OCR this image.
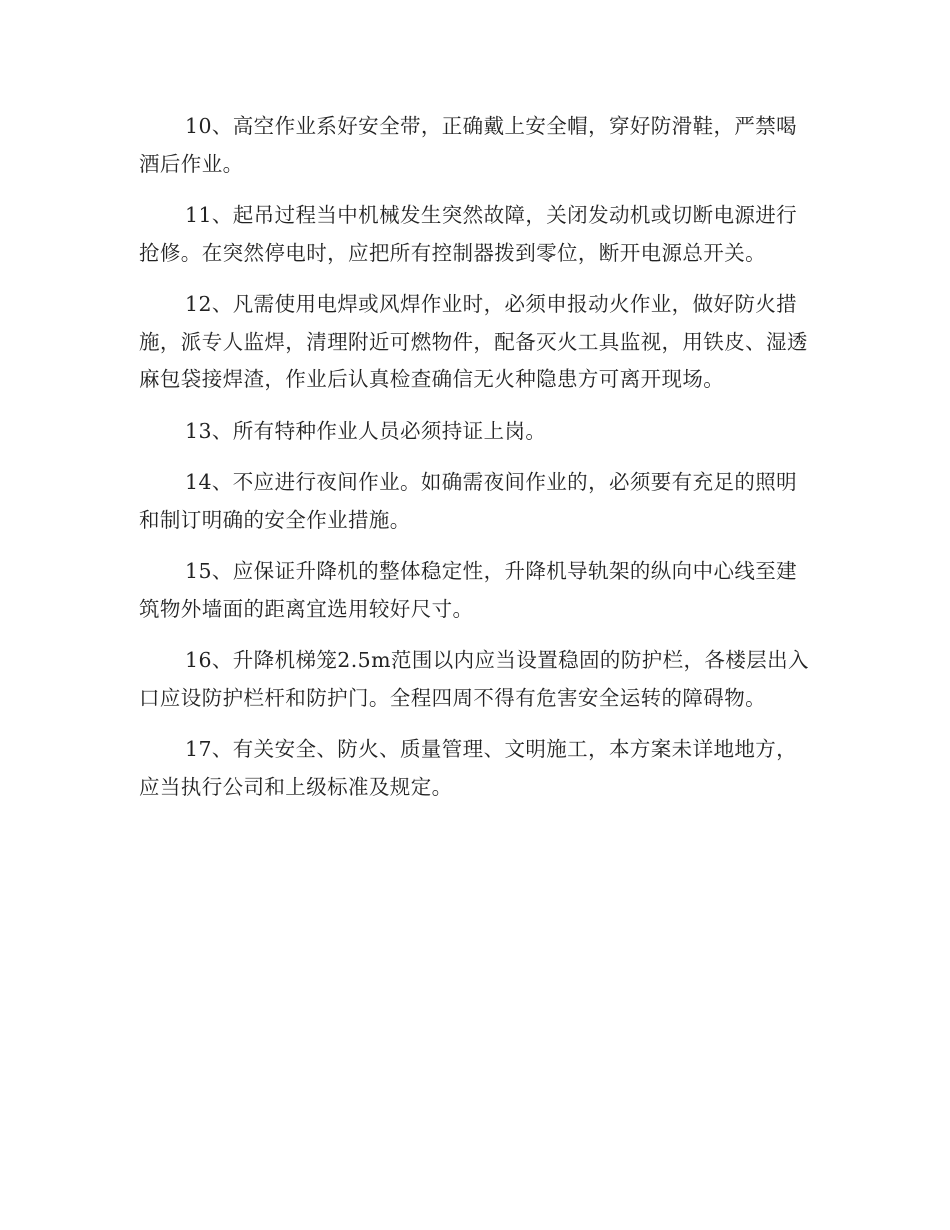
10、高空作业系好安全带，正确戴上安全帽，穿好防滑鞋，严禁喝酒后作业。

11、起吊过程当中机械发生突然故障，关闭发动机或切断电源进行抢修。在突然停电时，应把所有控制器拨到零位，断开电源总开关。

12、凡需使用电焊或风焊作业时，必须申报动火作业，做好防火措施，派专人监焊，清理附近可燃物件，配备灭火工具监视，用铁皮、湿透麻包袋接焊渣，作业后认真检查确信无火种隐患方可离开现场。

13、所有特种作业人员必须持证上岗。

14、不应进行夜间作业。如确需夜间作业的，必须要有充足的照明和制订明确的安全作业措施。

15、应保证升降机的整体稳定性，升降机导轨架的纵向中心线至建筑物外墙面的距离宜选用较好尺寸。

16、升降机梯笼2.5m范围以内应当设置稳固的防护栏，各楼层出入口应设防护栏杆和防护门。全程四周不得有危害安全运转的障碍物。

17、有关安全、防火、质量管理、文明施工，本方案未详地地方，应当执行公司和上级标准及规定。
